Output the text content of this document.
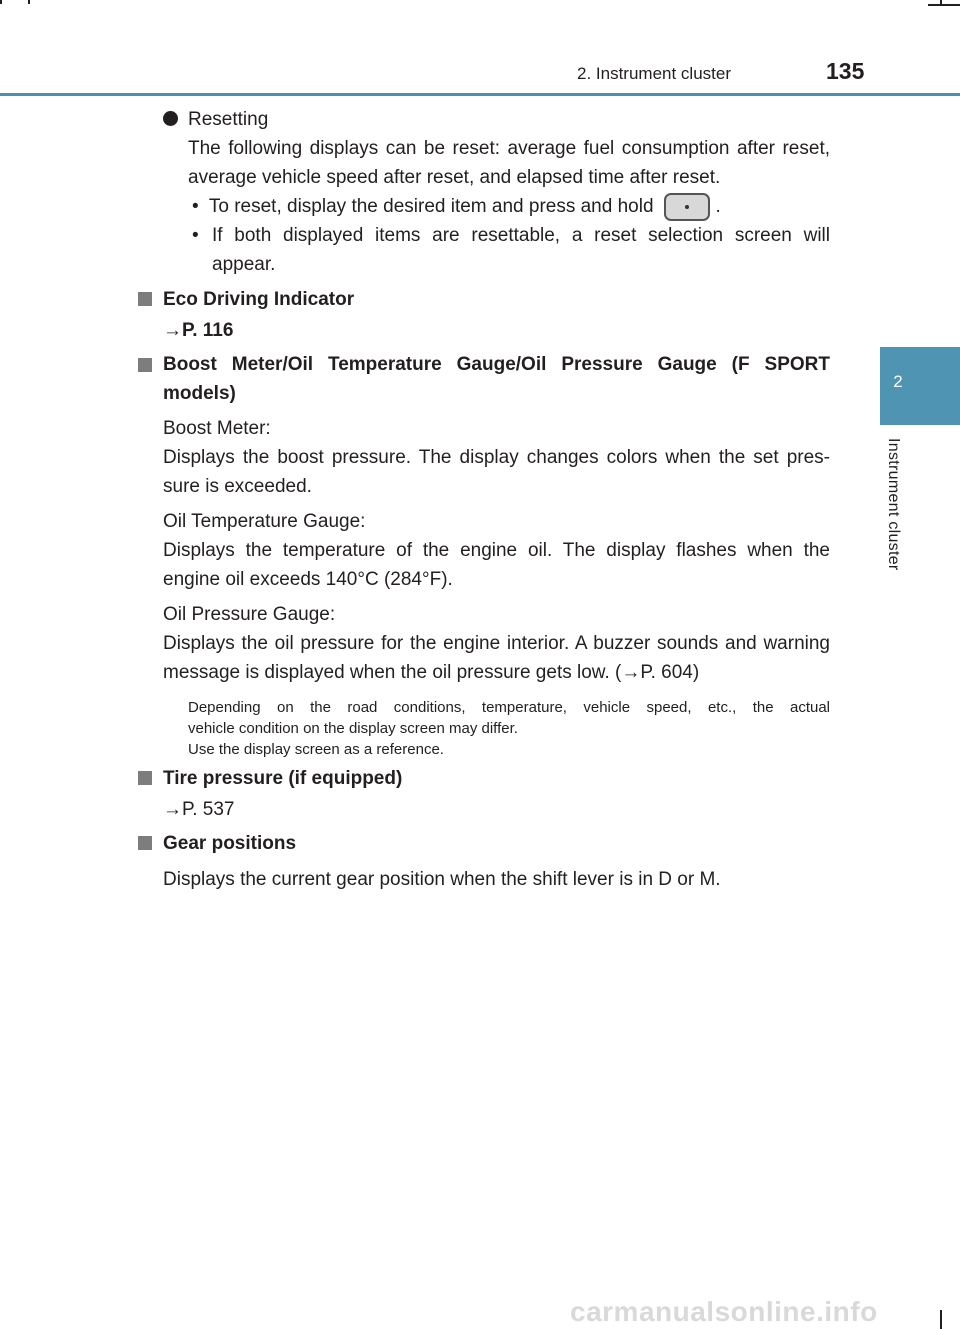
2. Instrument cluster	135
2
Instrument cluster
Resetting
The following displays can be reset: average fuel consumption after reset,
average vehicle speed after reset, and elapsed time after reset.
• To reset, display the desired item and press and hold	.
• If both displayed items are resettable, a reset selection screen will
appear.
Eco Driving Indicator
→P. 116
Boost Meter/Oil Temperature Gauge/Oil Pressure Gauge (F SPORT
models)
Boost Meter:
Displays the boost pressure. The display changes colors when the set pres-
sure is exceeded.
Oil Temperature Gauge:
Displays the temperature of the engine oil. The display flashes when the
engine oil exceeds 140°C (284°F).
Oil Pressure Gauge:
Displays the oil pressure for the engine interior. A buzzer sounds and warning
message is displayed when the oil pressure gets low. (→P. 604)
Depending on the road conditions, temperature, vehicle speed, etc., the actual
vehicle condition on the display screen may differ.
Use the display screen as a reference.
Tire pressure (if equipped)
→P. 537
Gear positions
Displays the current gear position when the shift lever is in D or M.
carmanualsonline.info
